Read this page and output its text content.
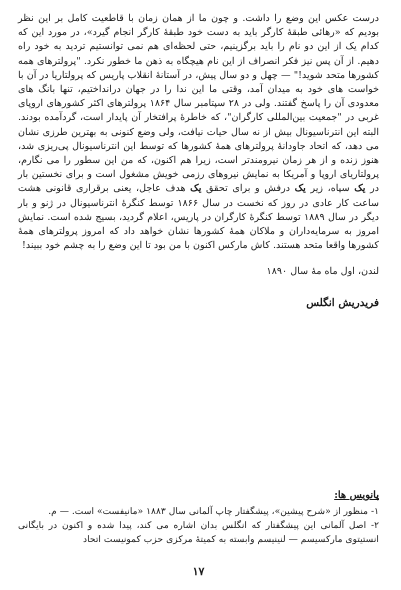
درست عکس این وضع را داشت. و چون ما از همان زمان با قاطعیت کامل بر این نظر بودیم که «رهائی طبقهٔ کارگر باید به دست خود طبقهٔ کارگر انجام گیرد»، در مورد این که کدام یک از این دو نام را باید برگزینیم، حتی لحظه‌ای هم نمی توانستیم تردید به خود راه دهیم. از آن پس نیز فکر انصراف از این نام هیچگاه به ذهن ما خطور نکرد. "پرولترهای همه کشورها متحد شوید!" — چهل و دو سال پیش، در آستانهٔ انقلاب پاریس که پرولتاریا در آن با خواست های خود به میدان آمد، وقتی ما این ندا را در جهان درانداختیم، تنها بانگ های معدودی آن را پاسخ گفتند. ولی در ۲۸ سپتامبر سال ۱۸۶۴ پرولترهای اکثر کشورهای اروپای غربی در "جمعیت بین‌المللی کارگران"، که خاطرهٔ پرافتخار آن پایدار است، گردآمده بودند. البته این انترناسیونال بیش از نه سال حیات نیافت، ولی وضع کنونی به بهترین طرزی نشان می دهد، که اتحاد جاودانهٔ پرولترهای همهٔ کشورها که توسط این انترناسیونال پی‌ریزی شد، هنوز زنده و از هر زمان نیرومندتر است، زیرا هم اکنون، که من این سطور را می نگارم، پرولتاریای اروپا و آمریکا به نمایش نیروهای رزمی خویش مشغول است و برای نخستین بار در یک سپاه، زیر یک درفش و برای تحقق یک هدف عاجل، یعنی برقراری قانونی هشت ساعت کار عادی در روز که نخست در سال ۱۸۶۶ توسط کنگرهٔ انترناسیونال در ژنو و بار دیگر در سال ۱۸۸۹ توسط کنگرهٔ کارگران در پاریس، اعلام گردید، بسیج شده است. نمایش امروز به سرمایه‌داران و ملاکان همهٔ کشورها نشان خواهد داد که امروز پرولترهای همهٔ کشورها واقعا متحد هستند. کاش مارکس اکنون با من بود تا این وضع را به چشم خود ببیند!

لندن، اول ماه مهٔ سال ۱۸۹۰
فریدریش انگلس
پانویس ها:
۱- منظور از «شرح پیشین»، پیشگفتار چاپ آلمانی سال ۱۸۸۳ «مانیفست» است. — م.
۲- اصل آلمانی این پیشگفتار که انگلس بدان اشاره می کند، پیدا شده و اکنون در بایگانی انستیتوی مارکسیسم — لنینیسم وابسته به کمیتهٔ مرکزی حزب کمونیست اتحاد
۱۷
